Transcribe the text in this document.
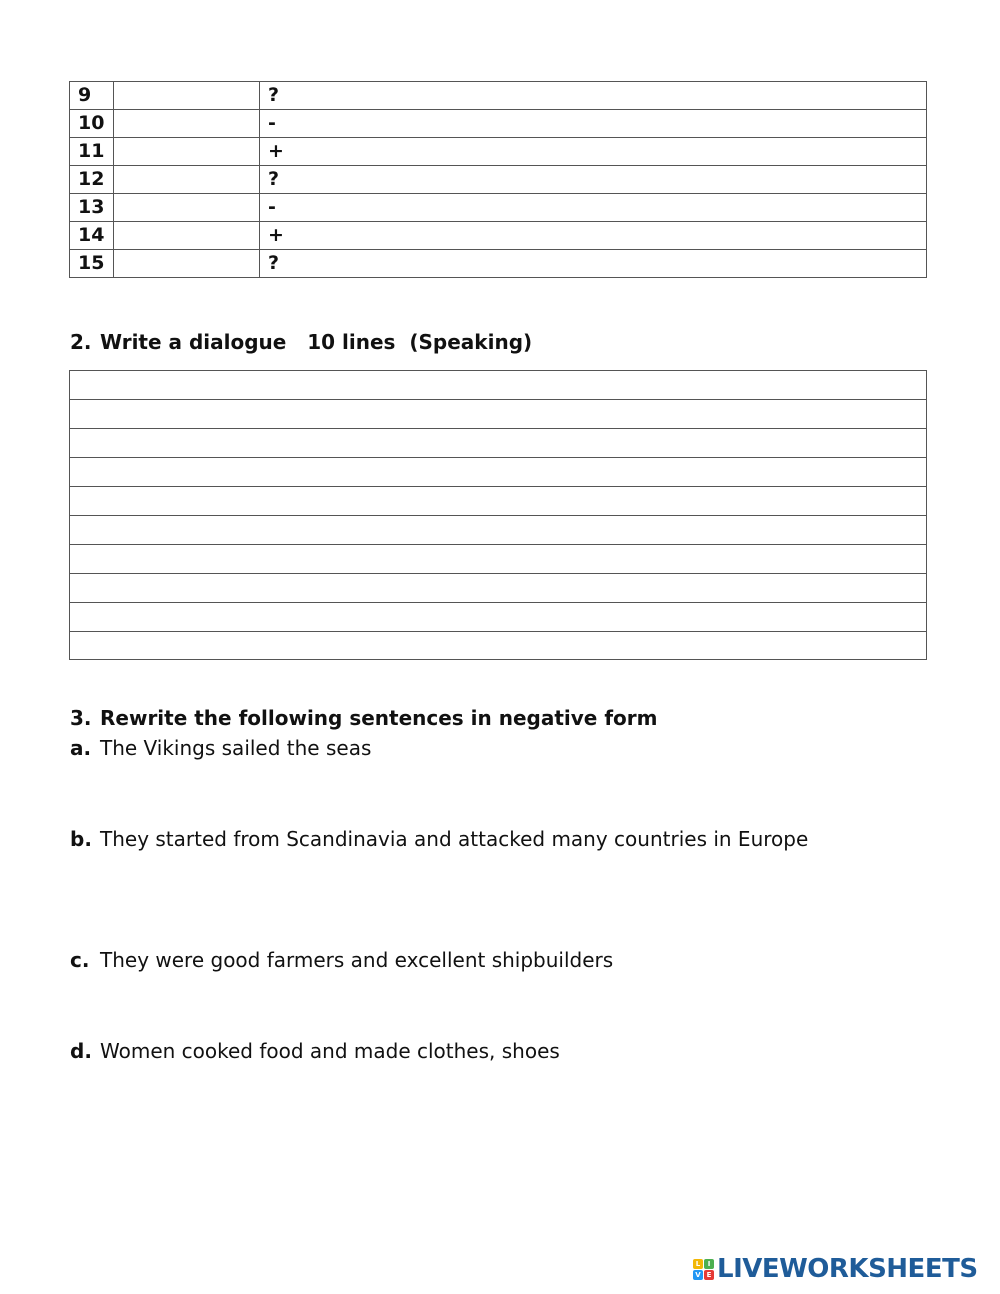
9		?
10		-
11		+
12		?
13		-
14		+
15		?
2. Write a dialogue   10 lines  (Speaking)
3. Rewrite the following sentences in negative form
a. The Vikings sailed the seas
b. They started from Scandinavia and attacked many countries in Europe
c. They were good farmers and excellent shipbuilders
d. Women cooked food and made clothes, shoes
L	I
V E LIVEWORKSHEETS
